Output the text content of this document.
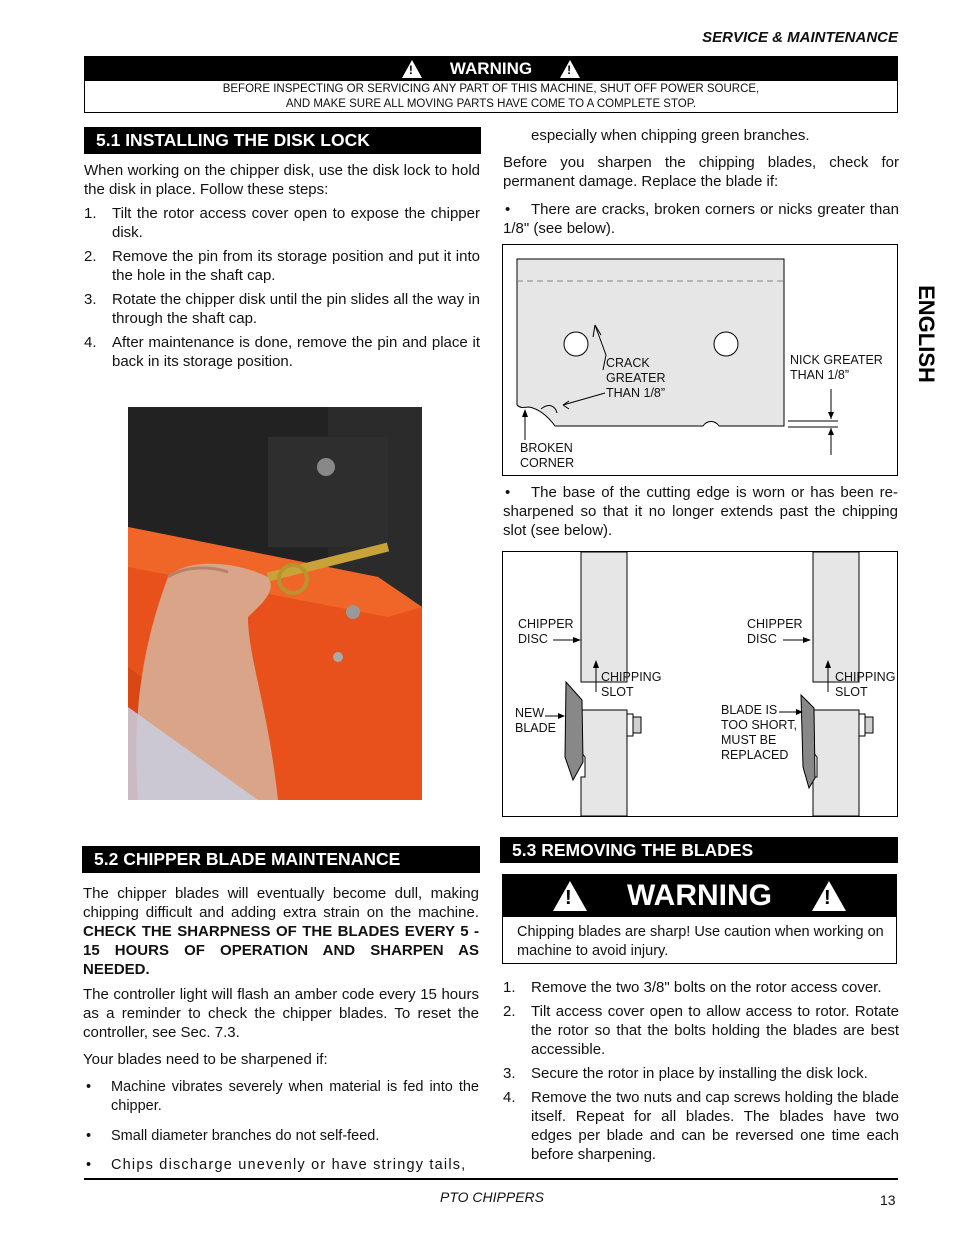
SERVICE & MAINTENANCE
!
WARNING
!
BEFORE INSPECTING OR SERVICING ANY PART OF THIS MACHINE, SHUT OFF POWER SOURCE,
AND MAKE SURE ALL MOVING PARTS HAVE COME TO A COMPLETE STOP.
ENGLISH
5.1 INSTALLING THE DISK LOCK
When working on the chipper disk, use the disk lock to hold the disk in place. Follow these steps:
1. Tilt the rotor access cover open to expose the chipper disk.
2. Remove the pin from its storage position and put it into the hole in the shaft cap.
3. Rotate the chipper disk until the pin slides all the way in through the shaft cap.
4. After maintenance is done, remove the pin and place it back in its storage position.
5.2 CHIPPER BLADE MAINTENANCE
The chipper blades will eventually become dull, making chipping difficult and adding extra strain on the machine. CHECK THE SHARPNESS OF THE BLADES EVERY 5 - 15 HOURS OF OPERATION AND SHARPEN AS NEEDED.
The controller light will flash an amber code every 15 hours as a reminder to check the chipper blades. To reset the controller, see Sec. 7.3.
Your blades need to be sharpened if:
• Machine vibrates severely when material is fed into the chipper.
• Small diameter branches do not self-feed.
• Chips discharge unevenly or have stringy tails,
especially when chipping green branches.
Before you sharpen the chipping blades, check for permanent damage. Replace the blade if:
• There are cracks, broken corners or nicks greater than 1/8" (see below).
CRACK
GREATER
THAN 1/8”
NICK GREATER
THAN 1/8”
BROKEN
CORNER
• The base of the cutting edge is worn or has been re-sharpened so that it no longer extends past the chipping slot (see below).
CHIPPER
DISC
CHIPPING
SLOT
NEW
BLADE
CHIPPER
DISC
CHIPPING
SLOT
BLADE IS
TOO SHORT,
MUST BE
REPLACED
5.3 REMOVING THE BLADES
!
WARNING
!
Chipping blades are sharp! Use caution when working on machine to avoid injury.
1. Remove the two 3/8" bolts on the rotor access cover.
2. Tilt access cover open to allow access to rotor. Rotate the rotor so that the bolts holding the blades are best accessible.
3. Secure the rotor in place by installing the disk lock.
4. Remove the two nuts and cap screws holding the blade itself. Repeat for all blades. The blades have two edges per blade and can be reversed one time each before sharpening.
PTO CHIPPERS	13
